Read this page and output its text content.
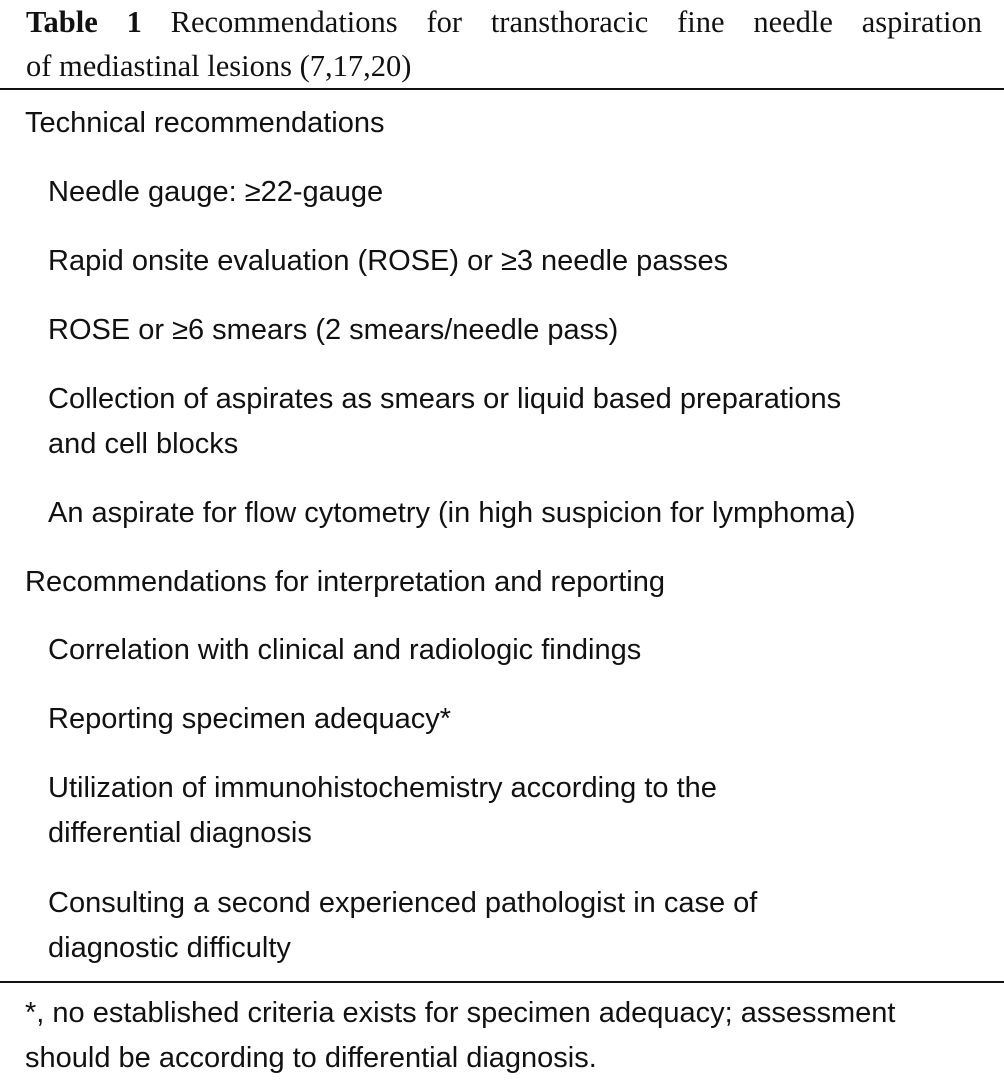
Table 1 Recommendations for transthoracic fine needle aspiration
of mediastinal lesions (7,17,20)
Technical recommendations
Needle gauge: ≥22-gauge
Rapid onsite evaluation (ROSE) or ≥3 needle passes
ROSE or ≥6 smears (2 smears/needle pass)
Collection of aspirates as smears or liquid based preparations
and cell blocks
An aspirate for flow cytometry (in high suspicion for lymphoma)
Recommendations for interpretation and reporting
Correlation with clinical and radiologic findings
Reporting specimen adequacy*
Utilization of immunohistochemistry according to the
differential diagnosis
Consulting a second experienced pathologist in case of
diagnostic difficulty
*, no established criteria exists for specimen adequacy; assessment
should be according to differential diagnosis.
